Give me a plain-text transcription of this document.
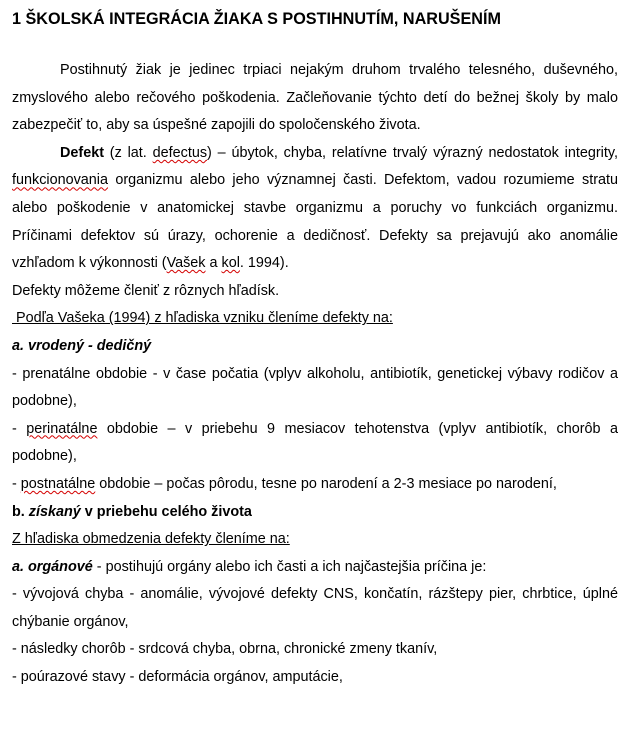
1 ŠKOLSKÁ INTEGRÁCIA ŽIAKA S POSTIHNUTÍM, NARUŠENÍM

Postihnutý žiak je jedinec trpiaci nejakým druhom trvalého telesného, duševného, zmyslového alebo rečového poškodenia. Začleňovanie týchto detí do bežnej školy by malo zabezpečiť to, aby sa úspešné zapojili do spoločenského života.

Defekt (z lat. defectus) – úbytok, chyba, relatívne trvalý výrazný nedostatok integrity, funkcionovania organizmu alebo jeho významnej časti. Defektom, vadou rozumieme stratu alebo poškodenie v anatomickej stavbe organizmu a poruchy vo funkciách organizmu. Príčinami defektov sú úrazy, ochorenie a dedičnosť. Defekty sa prejavujú ako anomálie vzhľadom k výkonnosti (Vašek a kol. 1994).

Defekty môžeme členiť z rôznych hľadísk.

Podľa Vašeka (1994) z hľadiska vzniku členíme defekty na:

a. vrodený - dedičný

- prenatálne obdobie - v čase počatia (vplyv alkoholu, antibiotík, genetickej výbavy rodičov a podobne),

- perinatálne obdobie – v priebehu 9 mesiacov tehotenstva (vplyv antibiotík, chorôb a podobne),

- postnatálne obdobie – počas pôrodu, tesne po narodení a 2-3 mesiace po narodení,

b. získaný v priebehu celého života

Z hľadiska obmedzenia defekty členíme na:

a. orgánové - postihujú orgány alebo ich časti a ich najčastejšia príčina je:

- vývojová chyba - anomálie, vývojové defekty CNS, končatín, rázštepy pier, chrbtice, úplné chýbanie orgánov,

- následky chorôb - srdcová chyba, obrna, chronické zmeny tkanív,

- poúrazové stavy - deformácia orgánov, amputácie,
